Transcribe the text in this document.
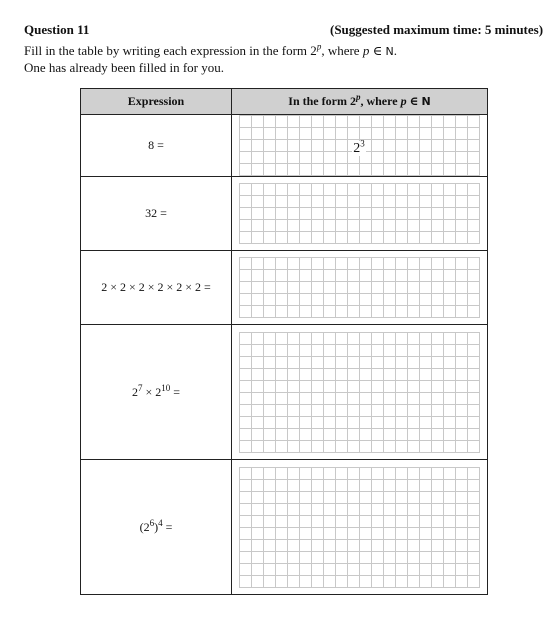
Question 11	(Suggested maximum time: 5 minutes)
Fill in the table by writing each expression in the form 2$^p$, where p ∈ N.
One has already been filled in for you.
Expression	In the form 2$^p$, where p ∈ N
8 =	$2^3$

32 =	

2 × 2 × 2 × 2 × 2 × 2 =	

$2^7 \times 2^{10}$ =	

$(2^6)^4$ =	
